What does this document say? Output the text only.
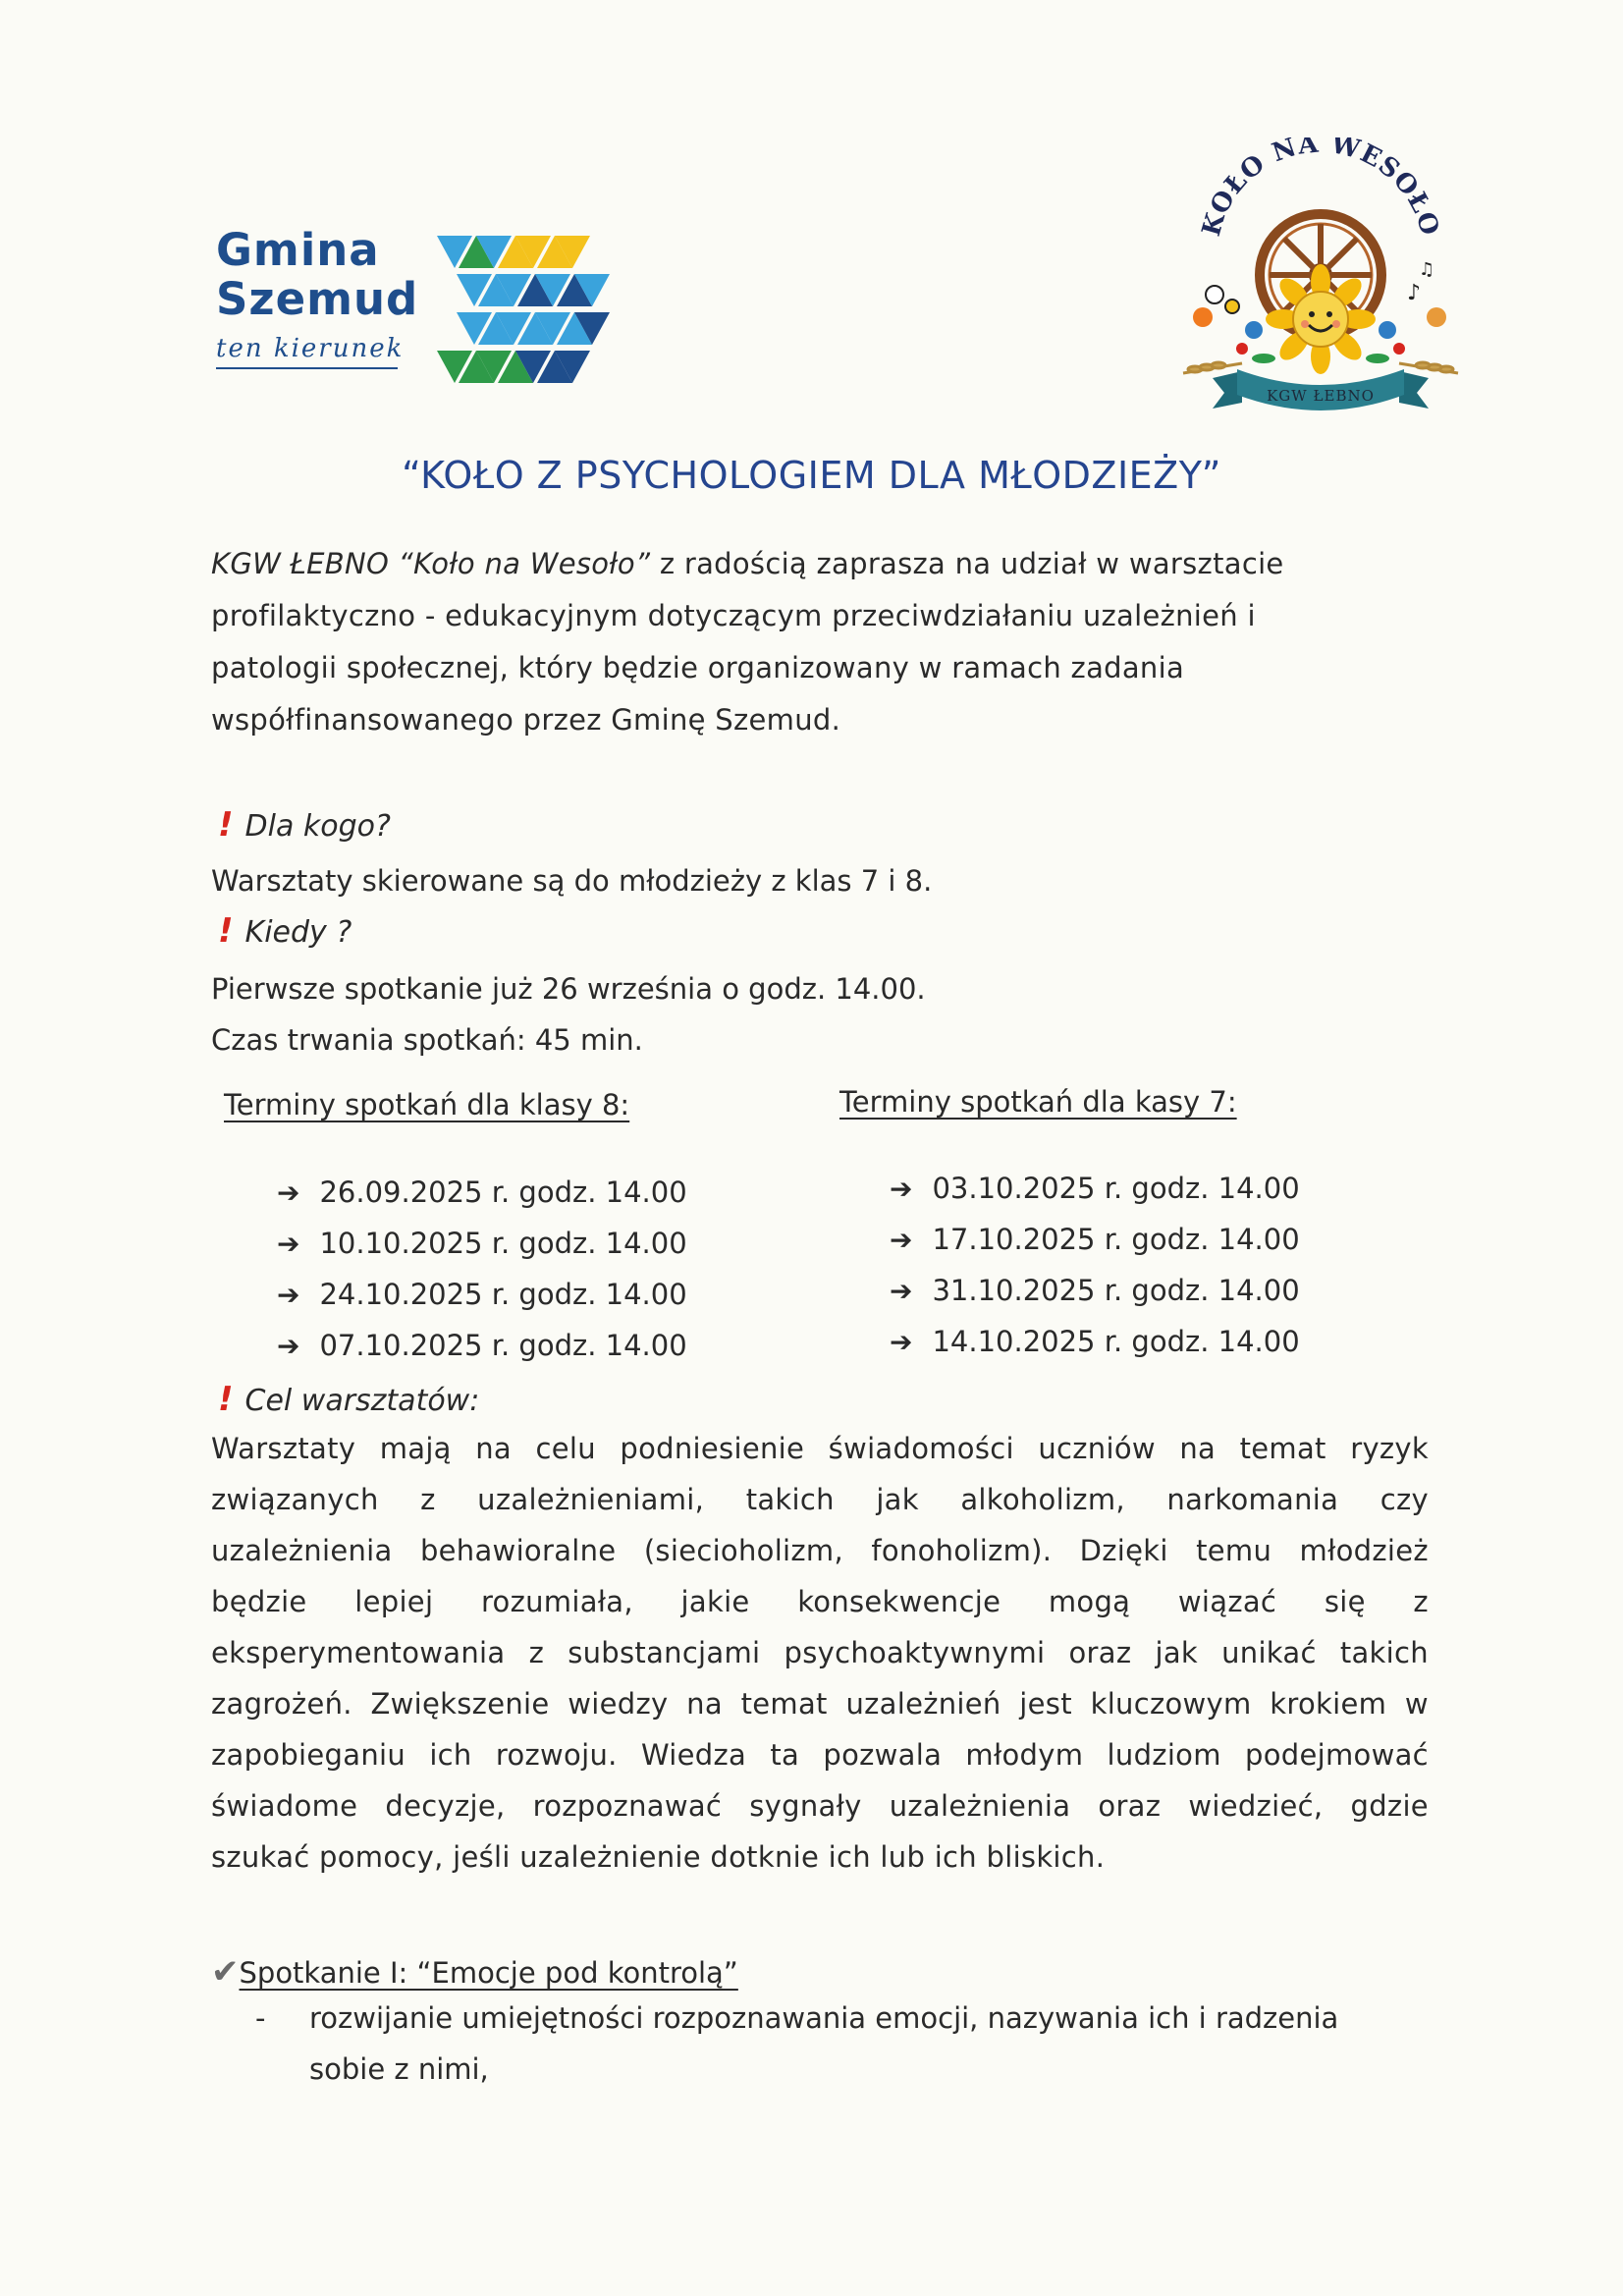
Gmina
Szemud
ten kierunek
KOŁO NA WESOŁO
♪
♫
KGW ŁEBNO
“KOŁO Z PSYCHOLOGIEM DLA MŁODZIEŻY”
KGW ŁEBNO “Koło na Wesoło” z radością zaprasza na udział w warsztacie
profilaktyczno - edukacyjnym dotyczącym przeciwdziałaniu uzależnień i
patologii społecznej, który będzie organizowany w ramach zadania
współfinansowanego przez Gminę Szemud.
! Dla kogo?
Warsztaty skierowane są do młodzieży z klas 7 i 8.
! Kiedy ?
Pierwsze spotkanie już 26 września o godz. 14.00.
Czas trwania spotkań: 45 min.
Terminy spotkań dla klasy 8:	Terminy spotkań dla kasy 7:
➔ 26.09.2025 r. godz. 14.00
➔ 10.10.2025 r. godz. 14.00
➔ 24.10.2025 r. godz. 14.00
➔ 07.10.2025 r. godz. 14.00
➔ 03.10.2025 r. godz. 14.00
➔ 17.10.2025 r. godz. 14.00
➔ 31.10.2025 r. godz. 14.00
➔ 14.10.2025 r. godz. 14.00
! Cel warsztatów:
Warsztaty mają na celu podniesienie świadomości uczniów na temat ryzyk
związanych z uzależnieniami, takich jak alkoholizm, narkomania czy
uzależnienia behawioralne (siecioholizm, fonoholizm). Dzięki temu młodzież
będzie lepiej rozumiała, jakie konsekwencje mogą wiązać się z
eksperymentowania z substancjami psychoaktywnymi oraz jak unikać takich
zagrożeń. Zwiększenie wiedzy na temat uzależnień jest kluczowym krokiem w
zapobieganiu ich rozwoju. Wiedza ta pozwala młodym ludziom podejmować
świadome decyzje, rozpoznawać sygnały uzależnienia oraz wiedzieć, gdzie
szukać pomocy, jeśli uzależnienie dotknie ich lub ich bliskich.
✔Spotkanie I: “Emocje pod kontrolą”
- rozwijanie umiejętności rozpoznawania emocji, nazywania ich i radzenia
sobie z nimi,
